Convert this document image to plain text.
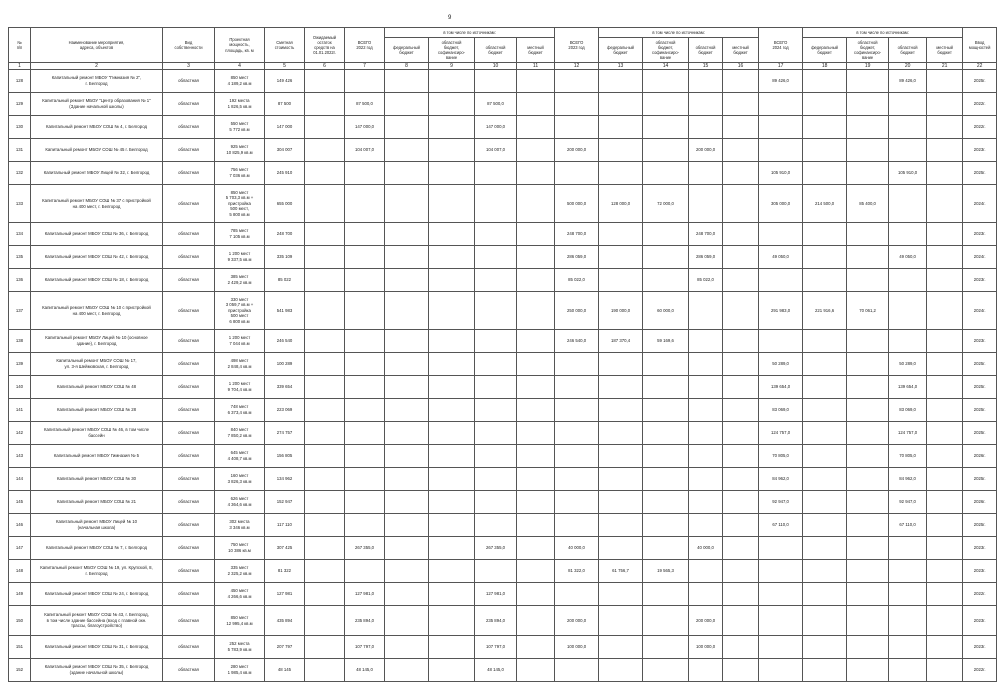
9
№
п/п	Наименование мероприятия,
адреса, объектов	Вид
собственности	Проектная
мощность,
площадь, кв. м	Сметная
стоимость	Ожидаемый
остаток
средств на
01.01.2022г.	ВСЕГО
2022 год	в том числе по источникам:				ВСЕГО
2023 год	в том числе по источникам:				ВСЕГО
2024 год	в том числе по источникам:				Ввод
мощностей
							федеральный
бюджет	областной
бюджет,
софинансиро-
вание	областной
бюджет	местный
бюджет		федеральный
бюджет	областной
бюджет,
софинансиро-
вание	областной
бюджет	местный
бюджет		федеральный
бюджет	областной
бюджет,
софинансиро-
вание	областной
бюджет	местный
бюджет	
1	2	3	4	5	6	7	8	9	10	11	12	13	14	15	16	17	18	19	20	21	22
128	Капитальный ремонт МБОУ "Гимназия № 2",
г. Белгород	областная	850 мест
4 189,2 кв.м	149 426												89 426,0			89 426,0		2025г.
129	Капитальный ремонт МБОУ "Центр образования № 1"
(Здание начальной школы)	областная	192 места
1 826,5 кв.м	87 500		87 500,0			87 500,0												2022г.
130	Капитальный ремонт МБОУ СОШ № 4, г. Белгород	областная	550 мест
5 772 кв.м	147 000		147 000,0			147 000,0												2022г.
131	Капитальный ремонт МБОУ СОШ № 45 г. Белгород	областная	925 мест
10 825,9 кв.м	304 007		104 007,0			104 007,0		200 000,0			200 000,0							2023г.
132	Капитальный ремонт МБОУ Лицей № 32, г. Белгород	областная	756 мест
7 036 кв.м	245 910												105 910,0			105 910,0		2025г.
133	Капитальный ремонт МБОУ СОШ № 37 с пристройкой
на 400 мест, г. Белгород	областная	850 мест
5 703,3 кв.м +
пристройка
500 мест,
5 800 кв.м	655 000							500 000,0	128 000,0	72 000,0			305 000,0	214 500,0	85 400,0			2024г.
134	Капитальный ремонт МБОУ СОШ № 36, г. Белгород	областная	785 мест
7 105 кв.м	248 700							248 700,0			248 700,0							2023г.
135	Капитальный ремонт МБОУ СОШ № 42, г. Белгород	областная	1 200 мест
9 337,5 кв.м	335 109							286 059,0			286 059,0		49 050,0			49 050,0		2024г.
136	Капитальный ремонт МБОУ СОШ № 18, г. Белгород	областная	385 мест
2 429,2 кв.м	85 022							85 022,0			85 022,0							2023г.
137	Капитальный ремонт МБОУ СОШ № 10 с пристройкой
на 400 мест, г. Белгород	областная	330 мест
3 059,7 кв.м +
пристройка
500 мест
6 800 кв.м	541 983							250 000,0	190 000,0	60 000,0			291 983,0	221 916,6	70 061,2			2024г.
138	Капитальный ремонт МБОУ Лицей № 10 (основное
здание), г. Белгород	областная	1 200 мест
7 044 кв.м	246 540							246 540,0	187 370,4	59 169,6								2023г.
139	Капитальный ремонт МБОУ СОШ № 17,
ул. 3-я Шеймовская, г. Белгород	областная	498 мест
2 848,4 кв.м	100 289												50 289,0			50 289,0		2025г.
140	Капитальный ремонт МБОУ СОШ № 48	областная	1 200 мест
9 704,4 кв.м	339 654												139 654,0			139 654,0		2025г.
141	Капитальный ремонт МБОУ СОШ № 28	областная	748 мест
6 373,4 кв.м	223 069												83 069,0			83 069,0		2025г.
142	Капитальный ремонт МБОУ СОШ № 46, в том числе
бассейн	областная	840 мест
7 850,2 кв.м	274 757												124 757,0			124 757,0		2025г.
143	Капитальный ремонт МБОУ Гимназия № 5	областная	645 мест
4 408,7 кв.м	156 805												70 805,0			70 805,0		2026г.
144	Капитальный ремонт МБОУ СОШ № 30	областная	160 мест
3 826,3 кв.м	134 962												84 962,0			84 962,0		2025г.
145	Капитальный ремонт МБОУ СОШ № 21	областная	626 мест
4 364,6 кв.м	152 947												92 947,0			92 947,0		2026г.
146	Капитальный ремонт МБОУ Лицей № 10
(начальная школа)	областная	302 места
3 346 кв.м	117 110												67 110,0			67 110,0		2025г.
147	Капитальный ремонт МБОУ СОШ № 7, г. Белгород	областная	750 мест
10 386 кв.м	307 425		267 355,0			267 355,0		40 000,0			40 000,0							2023г.
148	Капитальный ремонт МБОУ СОШ № 19, ул. Крупской, 8,
г. Белгород	областная	335 мест
2 325,2 кв.м	81 322							81 322,0	61 756,7	19 565,3								2023г.
149	Капитальный ремонт МБОУ СОШ № 24, г. Белгород	областная	450 мест
4 266,6 кв.м	127 981		127 981,0			127 981,0												2022г.
150	Капитальный ремонт МБОУ СОШ № 43, г. Белгород,
в том числе здание бассейна (вход с главной окн.
трассы, благоустройство)	областная	850 мест
12 995,4 кв.м	435 894		235 894,0			235 894,0		200 000,0			200 000,0							2023г.
151	Капитальный ремонт МБОУ СОШ № 31, г. Белгород	областная	252 места
5 783,9 кв.м	207 797		107 797,0			107 797,0		100 000,0			100 000,0							2023г.
152	Капитальный ремонт МБОУ СОШ № 35, г. Белгород
(здание начальной школы)	областная	280 мест
1 985,4 кв.м	48 145		48 145,0			48 145,0												2022г.
